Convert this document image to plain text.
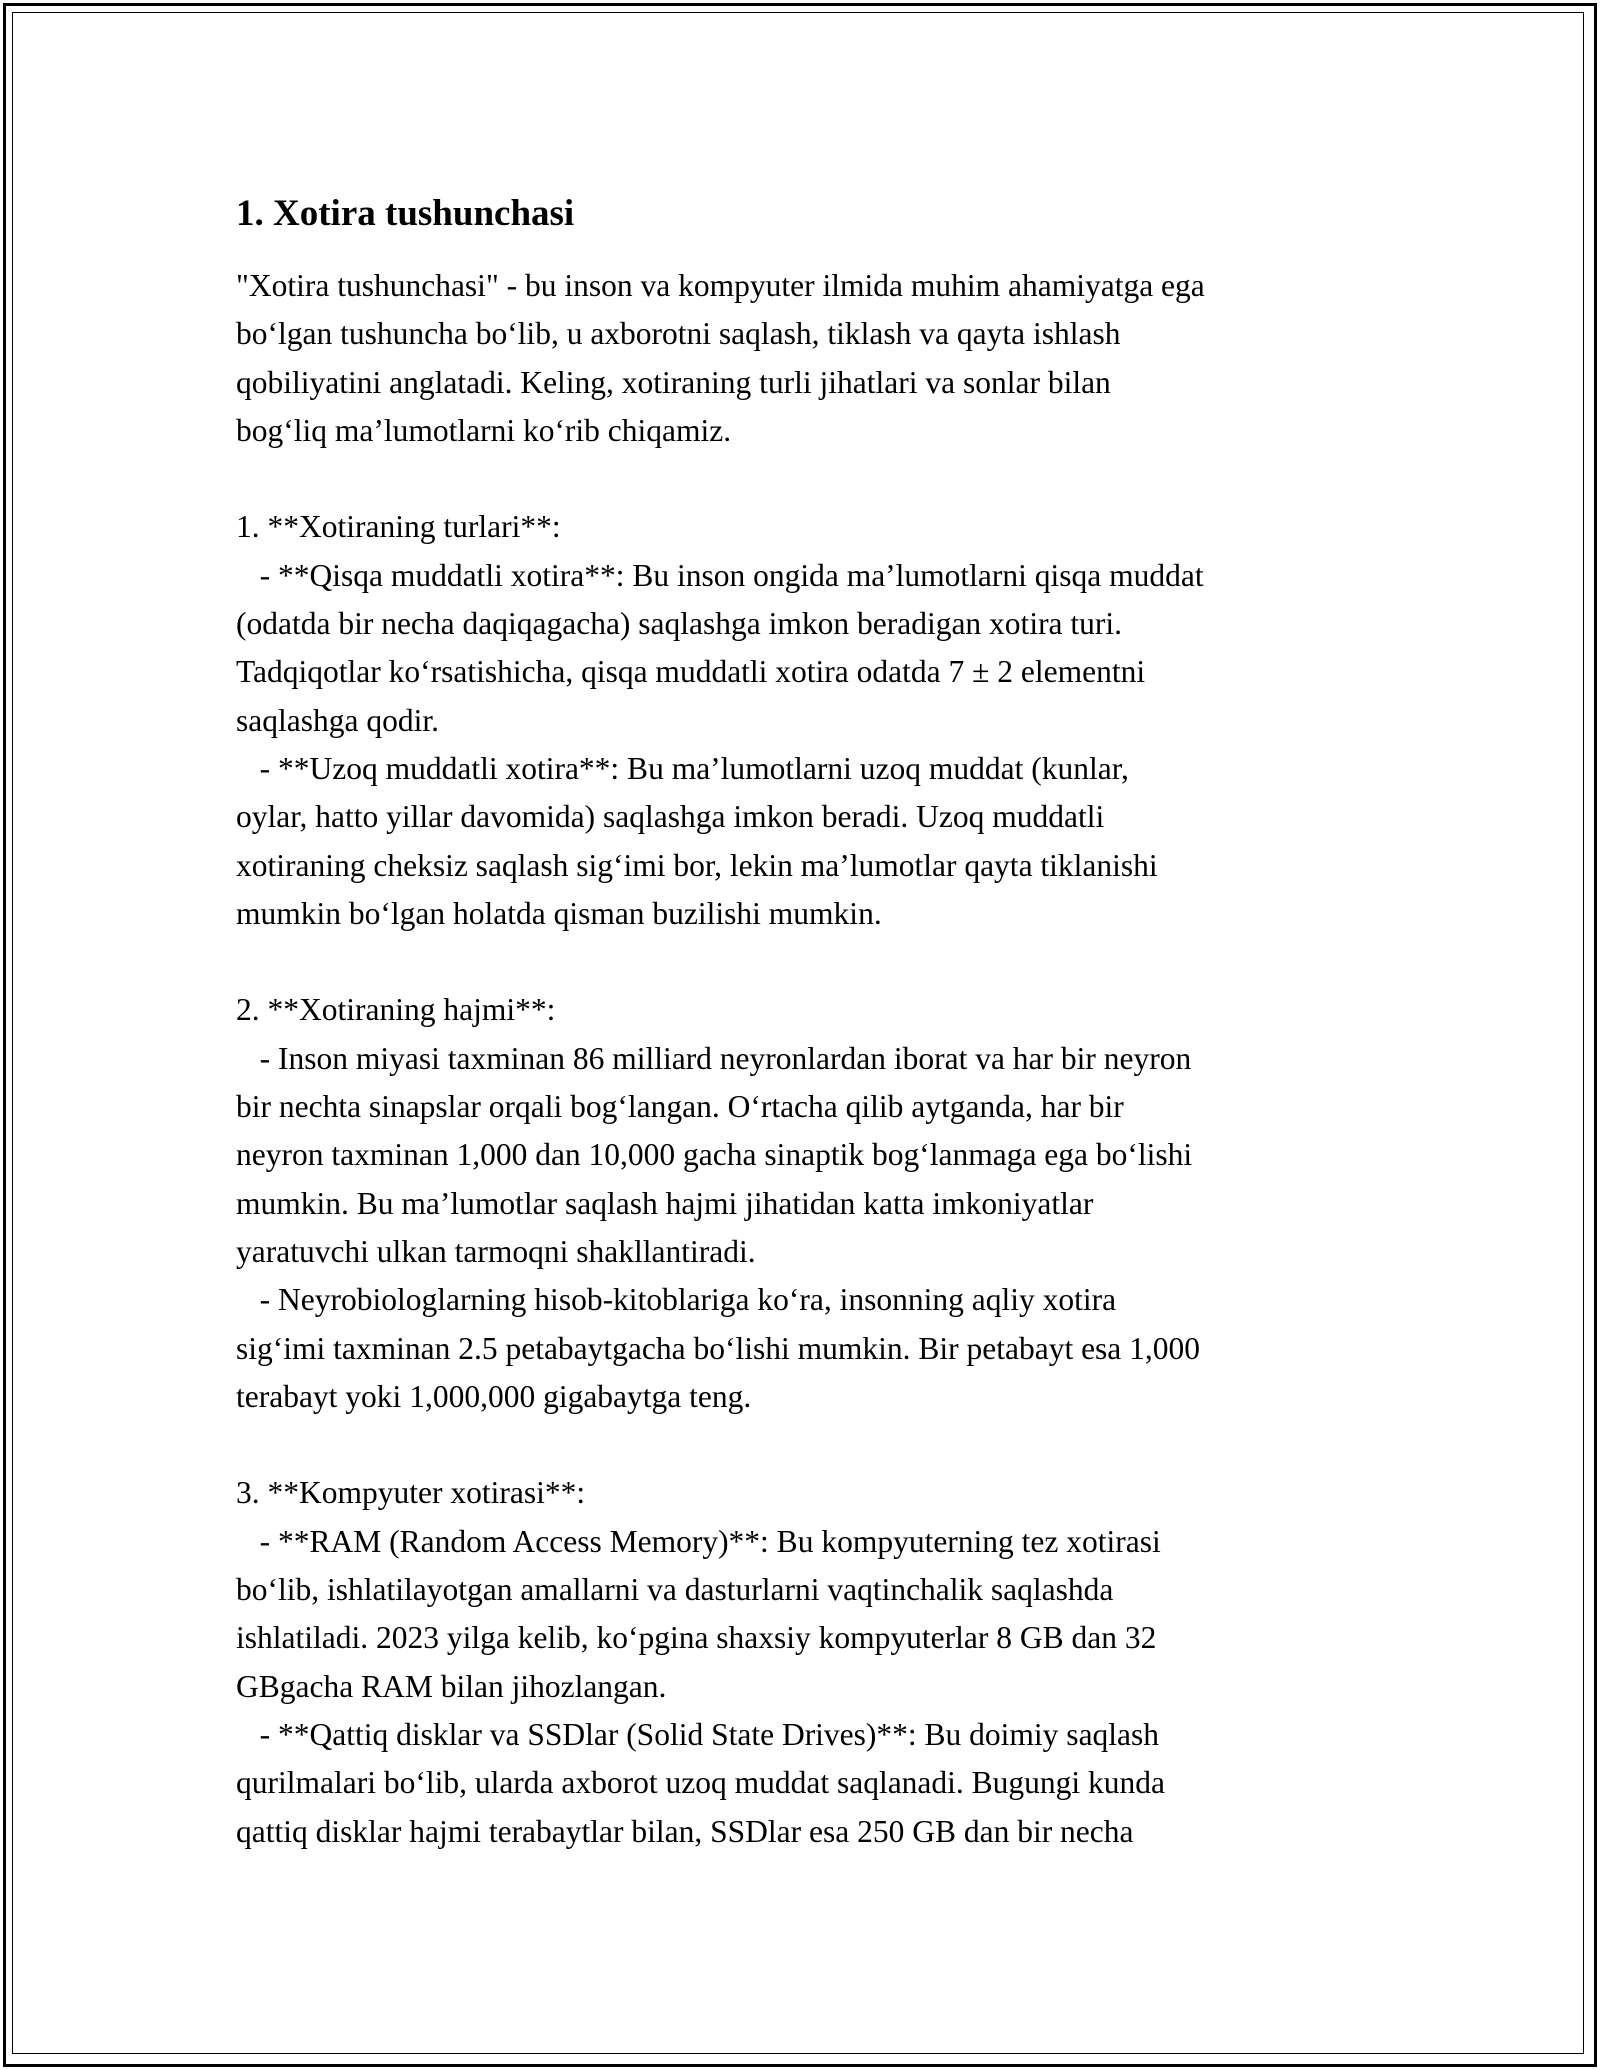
1. Xotira tushunchasi
"Xotira tushunchasi" - bu inson va kompyuter ilmida muhim ahamiyatga ega
bo‘lgan tushuncha bo‘lib, u axborotni saqlash, tiklash va qayta ishlash
qobiliyatini anglatadi. Keling, xotiraning turli jihatlari va sonlar bilan
bog‘liq ma’lumotlarni ko‘rib chiqamiz.
1. **Xotiraning turlari**:
- **Qisqa muddatli xotira**: Bu inson ongida ma’lumotlarni qisqa muddat
(odatda bir necha daqiqagacha) saqlashga imkon beradigan xotira turi.
Tadqiqotlar ko‘rsatishicha, qisqa muddatli xotira odatda 7 ± 2 elementni
saqlashga qodir.
- **Uzoq muddatli xotira**: Bu ma’lumotlarni uzoq muddat (kunlar,
oylar, hatto yillar davomida) saqlashga imkon beradi. Uzoq muddatli
xotiraning cheksiz saqlash sig‘imi bor, lekin ma’lumotlar qayta tiklanishi
mumkin bo‘lgan holatda qisman buzilishi mumkin.
2. **Xotiraning hajmi**:
- Inson miyasi taxminan 86 milliard neyronlardan iborat va har bir neyron
bir nechta sinapslar orqali bog‘langan. O‘rtacha qilib aytganda, har bir
neyron taxminan 1,000 dan 10,000 gacha sinaptik bog‘lanmaga ega bo‘lishi
mumkin. Bu ma’lumotlar saqlash hajmi jihatidan katta imkoniyatlar
yaratuvchi ulkan tarmoqni shakllantiradi.
- Neyrobiologlarning hisob-kitoblariga ko‘ra, insonning aqliy xotira
sig‘imi taxminan 2.5 petabaytgacha bo‘lishi mumkin. Bir petabayt esa 1,000
terabayt yoki 1,000,000 gigabaytga teng.
3. **Kompyuter xotirasi**:
- **RAM (Random Access Memory)**: Bu kompyuterning tez xotirasi
bo‘lib, ishlatilayotgan amallarni va dasturlarni vaqtinchalik saqlashda
ishlatiladi. 2023 yilga kelib, ko‘pgina shaxsiy kompyuterlar 8 GB dan 32
GBgacha RAM bilan jihozlangan.
- **Qattiq disklar va SSDlar (Solid State Drives)**: Bu doimiy saqlash
qurilmalari bo‘lib, ularda axborot uzoq muddat saqlanadi. Bugungi kunda
qattiq disklar hajmi terabaytlar bilan, SSDlar esa 250 GB dan bir necha
